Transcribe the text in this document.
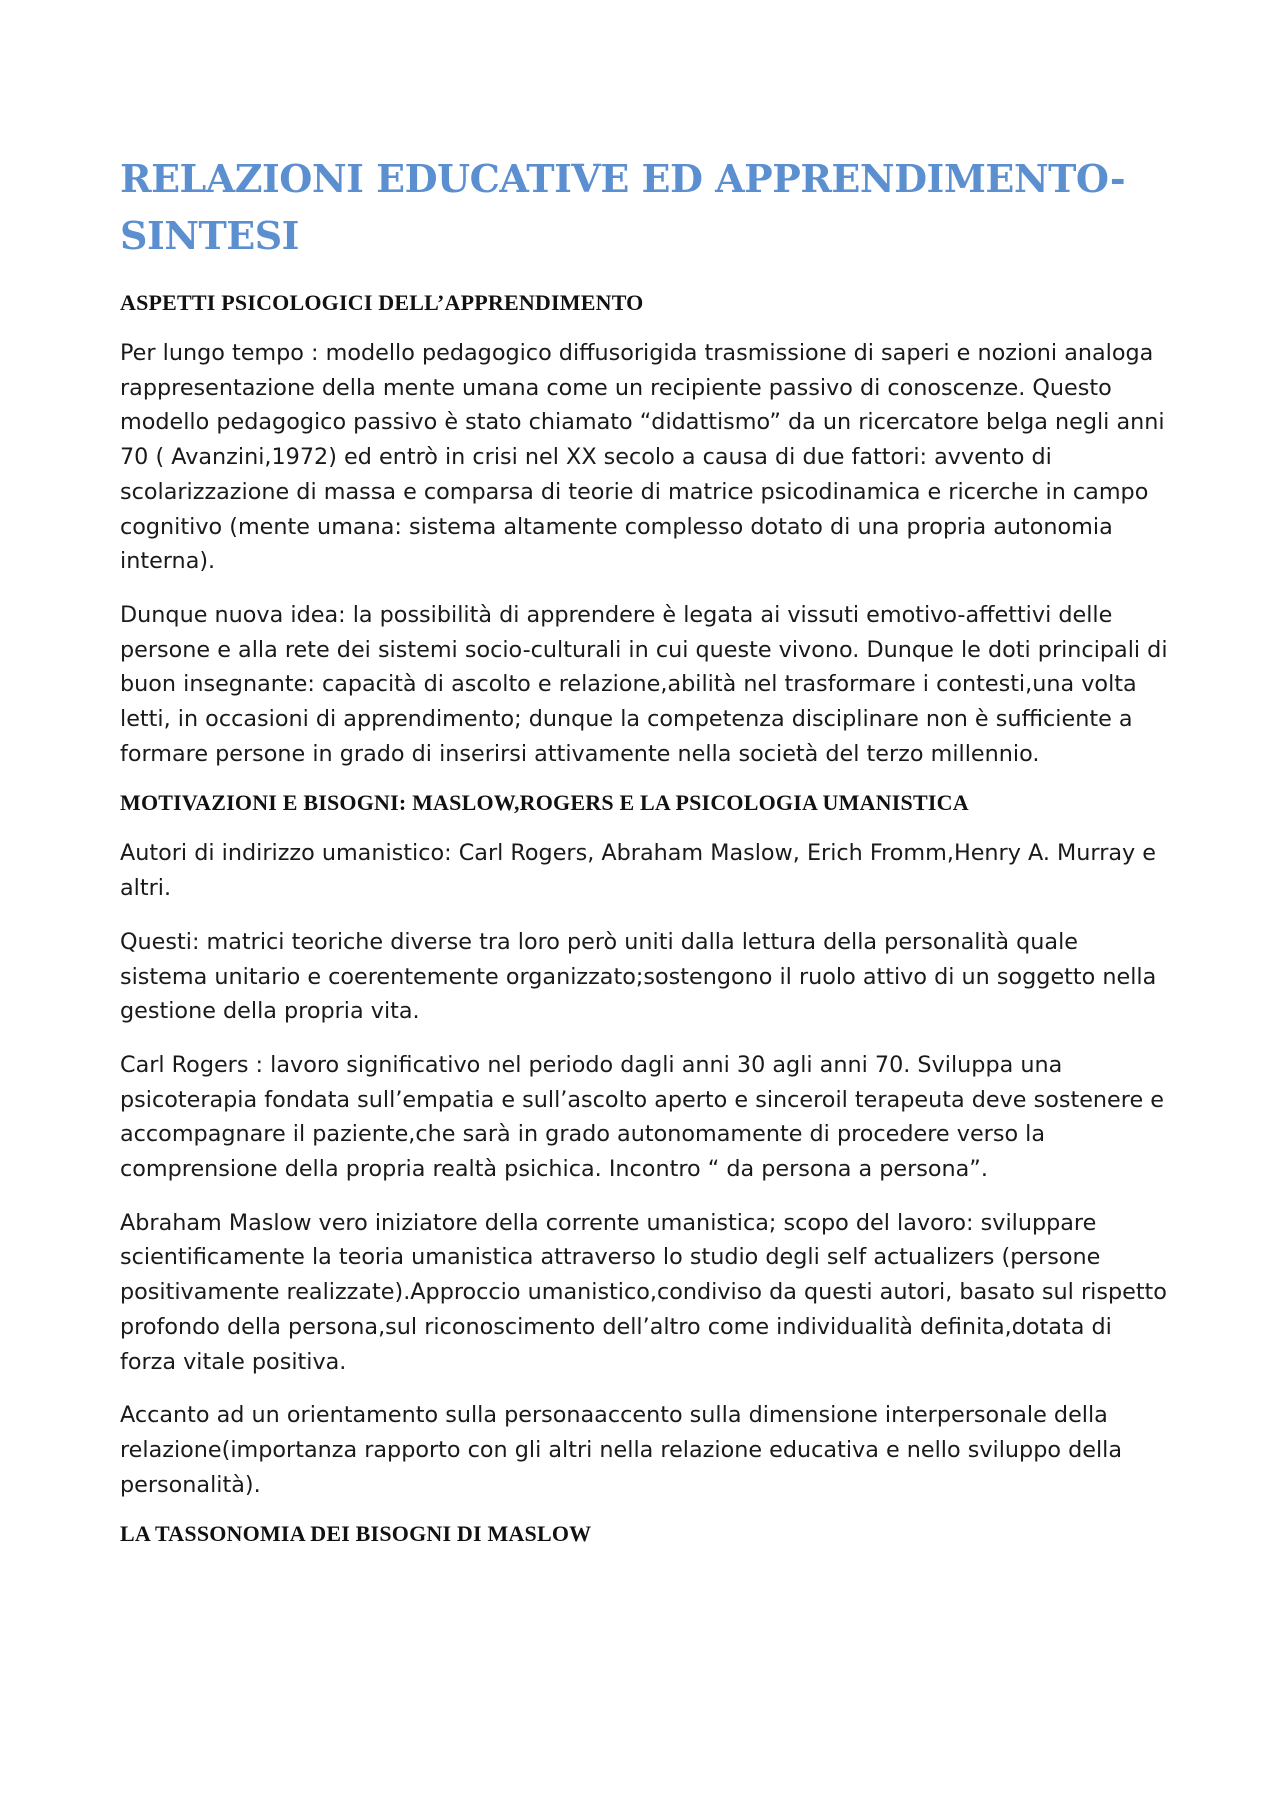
RELAZIONI EDUCATIVE ED APPRENDIMENTO-SINTESI
ASPETTI PSICOLOGICI DELL’APPRENDIMENTO

Per lungo tempo : modello pedagogico diffusorigida trasmissione di saperi e nozioni analoga rappresentazione della mente umana come un recipiente passivo di conoscenze. Questo modello pedagogico passivo è stato chiamato “didattismo” da un ricercatore belga negli anni 70 ( Avanzini,1972) ed entrò in crisi nel XX secolo a causa di due fattori: avvento di scolarizzazione di massa e comparsa di teorie di matrice psicodinamica e ricerche in campo cognitivo (mente umana: sistema altamente complesso dotato di una propria autonomia interna).

Dunque nuova idea: la possibilità di apprendere è legata ai vissuti emotivo-affettivi delle persone e alla rete dei sistemi socio-culturali in cui queste vivono. Dunque le doti principali di buon insegnante: capacità di ascolto e relazione,abilità nel trasformare i contesti,una volta letti, in occasioni di apprendimento; dunque la competenza disciplinare non è sufficiente a formare persone in grado di inserirsi attivamente nella società del terzo millennio.

MOTIVAZIONI E BISOGNI: MASLOW,ROGERS E LA PSICOLOGIA UMANISTICA

Autori di indirizzo umanistico: Carl Rogers, Abraham Maslow, Erich Fromm,Henry A. Murray e altri.

Questi: matrici teoriche diverse tra loro però uniti dalla lettura della personalità quale sistema unitario e coerentemente organizzato;sostengono il ruolo attivo di un soggetto nella gestione della propria vita.

Carl Rogers : lavoro significativo nel periodo dagli anni 30 agli anni 70. Sviluppa una psicoterapia fondata sull’empatia e sull’ascolto aperto e sinceroil terapeuta deve sostenere e accompagnare il paziente,che sarà in grado autonomamente di procedere verso la comprensione della propria realtà psichica. Incontro “ da persona a persona”.

Abraham Maslow vero iniziatore della corrente umanistica; scopo del lavoro: sviluppare scientificamente la teoria umanistica attraverso lo studio degli self actualizers (persone positivamente realizzate).Approccio umanistico,condiviso da questi autori, basato sul rispetto profondo della persona,sul riconoscimento dell’altro come individualità definita,dotata di forza vitale positiva.

Accanto ad un orientamento sulla personaaccento sulla dimensione interpersonale della relazione(importanza rapporto con gli altri nella relazione educativa e nello sviluppo della personalità).

LA TASSONOMIA DEI BISOGNI DI MASLOW
